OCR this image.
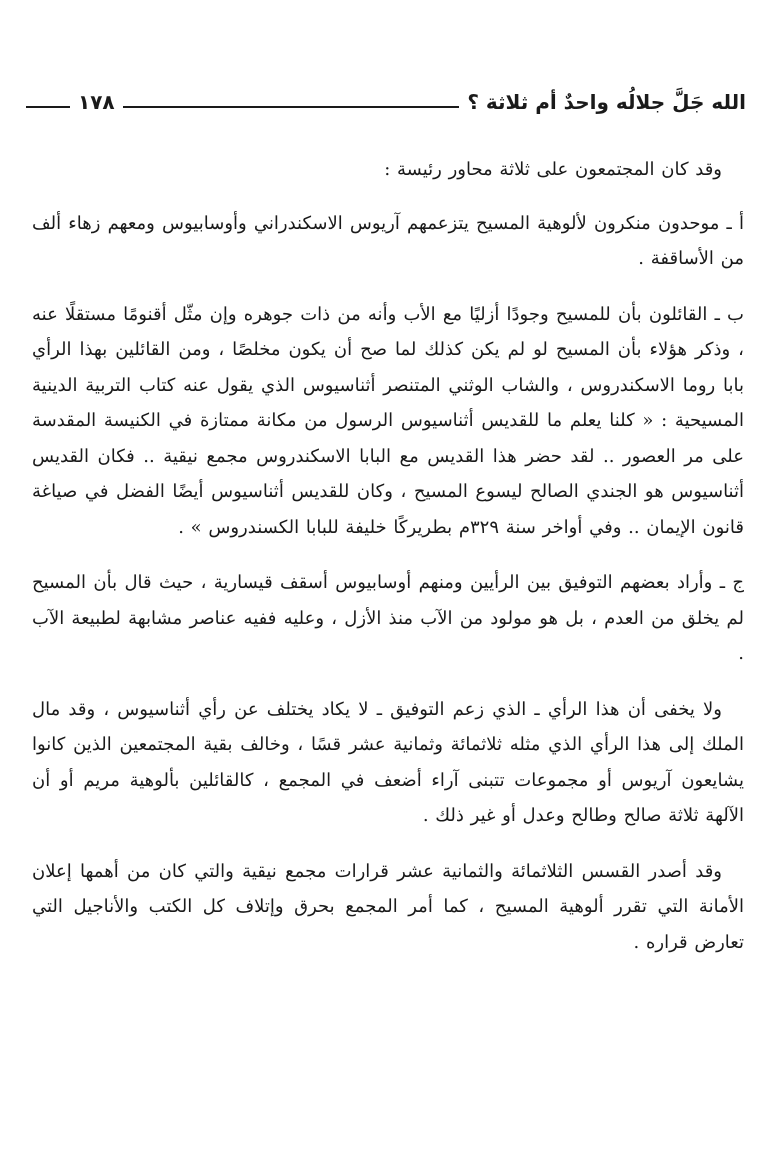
الله جَلَّ جلالُه واحدٌ أم ثلاثة ؟
١٧٨

وقد كان المجتمعون على ثلاثة محاور رئيسة :

أ ـ موحدون منكرون لألوهية المسيح يتزعمهم آريوس الاسكندراني وأوسابيوس ومعهم زهاء ألف من الأساقفة .

ب ـ القائلون بأن للمسيح وجودًا أزليًا مع الأب وأنه من ذات جوهره وإن مثّل أقنومًا مستقلًا عنه ، وذكر هؤلاء بأن المسيح لو لم يكن كذلك لما صح أن يكون مخلصًا ، ومن القائلين بهذا الرأي بابا روما الاسكندروس ، والشاب الوثني المتنصر أثناسيوس الذي يقول عنه كتاب التربية الدينية المسيحية : « كلنا يعلم ما للقديس أثناسيوس الرسول من مكانة ممتازة في الكنيسة المقدسة على مر العصور .. لقد حضر هذا القديس مع البابا الاسكندروس مجمع نيقية .. فكان القديس أثناسيوس هو الجندي الصالح ليسوع المسيح ، وكان للقديس أثناسيوس أيضًا الفضل في صياغة قانون الإيمان .. وفي أواخر سنة ٣٢٩م بطريركًا خليفة للبابا الكسندروس » .

ج ـ وأراد بعضهم التوفيق بين الرأيين ومنهم أوسابيوس أسقف قيسارية ، حيث قال بأن المسيح لم يخلق من العدم ، بل هو مولود من الآب منذ الأزل ، وعليه ففيه عناصر مشابهة لطبيعة الآب .

ولا يخفى أن هذا الرأي ـ الذي زعم التوفيق ـ لا يكاد يختلف عن رأي أثناسيوس ، وقد مال الملك إلى هذا الرأي الذي مثله ثلاثمائة وثمانية عشر قسًا ، وخالف بقية المجتمعين الذين كانوا يشايعون آريوس أو مجموعات تتبنى آراء أضعف في المجمع ، كالقائلين بألوهية مريم أو أن الآلهة ثلاثة صالح وطالح وعدل أو غير ذلك .

وقد أصدر القسس الثلاثمائة والثمانية عشر قرارات مجمع نيقية والتي كان من أهمها إعلان الأمانة التي تقرر ألوهية المسيح ، كما أمر المجمع بحرق وإتلاف كل الكتب والأناجيل التي تعارض قراره .
